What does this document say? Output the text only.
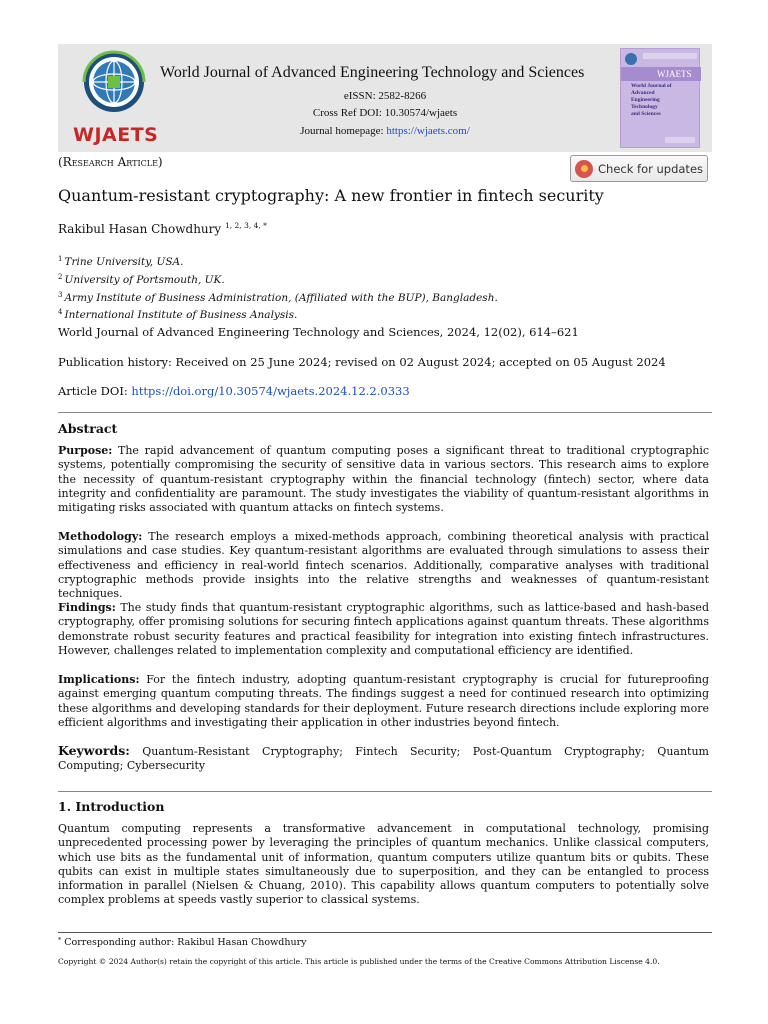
WJAETS
World Journal of Advanced Engineering Technology and Sciences
eISSN: 2582-8266
Cross Ref DOI: 10.30574/wjaets
Journal homepage: https://wjaets.com/
WJAETS
World Journal of
Advanced
Engineering
Technology
and Sciences
(Research Article)	Check for updates
Quantum-resistant cryptography: A new frontier in fintech security
Rakibul Hasan Chowdhury $^{1, 2, 3, 4, *}$
$^1$ Trine University, USA.
$^2$ University of Portsmouth, UK.
$^3$ Army Institute of Business Administration, (Affiliated with the BUP), Bangladesh.
$^4$ International Institute of Business Analysis.
World Journal of Advanced Engineering Technology and Sciences, 2024, 12(02), 614–621
Publication history: Received on 25 June 2024; revised on 02 August 2024; accepted on 05 August 2024
Article DOI: https://doi.org/10.30574/wjaets.2024.12.2.0333
Abstract
Purpose: The rapid advancement of quantum computing poses a significant threat to traditional cryptographic systems, potentially compromising the security of sensitive data in various sectors. This research aims to explore the necessity of quantum-resistant cryptography within the financial technology (fintech) sector, where data integrity and confidentiality are paramount. The study investigates the viability of quantum-resistant algorithms in mitigating risks associated with quantum attacks on fintech systems.
Methodology: The research employs a mixed-methods approach, combining theoretical analysis with practical simulations and case studies. Key quantum-resistant algorithms are evaluated through simulations to assess their effectiveness and efficiency in real-world fintech scenarios. Additionally, comparative analyses with traditional cryptographic methods provide insights into the relative strengths and weaknesses of quantum-resistant techniques.
Findings: The study finds that quantum-resistant cryptographic algorithms, such as lattice-based and hash-based cryptography, offer promising solutions for securing fintech applications against quantum threats. These algorithms demonstrate robust security features and practical feasibility for integration into existing fintech infrastructures. However, challenges related to implementation complexity and computational efficiency are identified.
Implications: For the fintech industry, adopting quantum-resistant cryptography is crucial for futureproofing against emerging quantum computing threats. The findings suggest a need for continued research into optimizing these algorithms and developing standards for their deployment. Future research directions include exploring more efficient algorithms and investigating their application in other industries beyond fintech.
Keywords: Quantum-Resistant Cryptography; Fintech Security; Post-Quantum Cryptography; Quantum Computing; Cybersecurity
1. Introduction
Quantum computing represents a transformative advancement in computational technology, promising unprecedented processing power by leveraging the principles of quantum mechanics. Unlike classical computers, which use bits as the fundamental unit of information, quantum computers utilize quantum bits or qubits. These qubits can exist in multiple states simultaneously due to superposition, and they can be entangled to process information in parallel (Nielsen & Chuang, 2010). This capability allows quantum computers to potentially solve complex problems at speeds vastly superior to classical systems.
* Corresponding author: Rakibul Hasan Chowdhury
Copyright © 2024 Author(s) retain the copyright of this article. This article is published under the terms of the Creative Commons Attribution Liscense 4.0.
